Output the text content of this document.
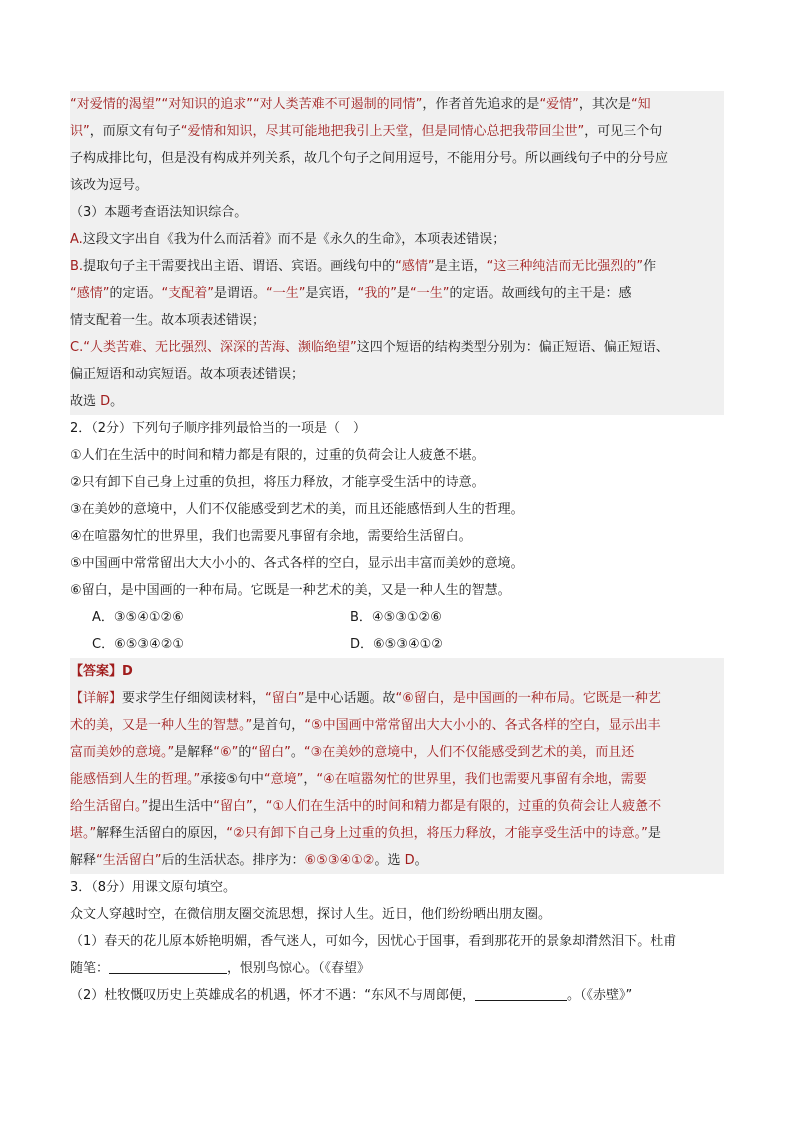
“对爱情的渴望”“对知识的追求”“对人类苦难不可遏制的同情”，作者首先追求的是“爱情”，其次是“知
识”，而原文有句子“爱情和知识，尽其可能地把我引上天堂，但是同情心总把我带回尘世”，可见三个句
子构成排比句，但是没有构成并列关系，故几个句子之间用逗号，不能用分号。所以画线句子中的分号应
该改为逗号。
（3）本题考查语法知识综合。
A.这段文字出自《我为什么而活着》而不是《永久的生命》，本项表述错误；
B.提取句子主干需要找出主语、谓语、宾语。画线句中的“感情”是主语，“这三种纯洁而无比强烈的”作
“感情”的定语。“支配着”是谓语。“一生”是宾语，“我的”是“一生”的定语。故画线句的主干是：感
情支配着一生。故本项表述错误；
C.“人类苦难、无比强烈、深深的苦海、濒临绝望”这四个短语的结构类型分别为：偏正短语、偏正短语、
偏正短语和动宾短语。故本项表述错误；
故选 D。
2．（2分）下列句子顺序排列最恰当的一项是（　）
①人们在生活中的时间和精力都是有限的，过重的负荷会让人疲惫不堪。
②只有卸下自己身上过重的负担，将压力释放，才能享受生活中的诗意。
③在美妙的意境中，人们不仅能感受到艺术的美，而且还能感悟到人生的哲理。
④在喧嚣匆忙的世界里，我们也需要凡事留有余地，需要给生活留白。
⑤中国画中常常留出大大小小的、各式各样的空白，显示出丰富而美妙的意境。
⑥留白，是中国画的一种布局。它既是一种艺术的美，又是一种人生的智慧。
A．③⑤④①②⑥	B．④⑤③①②⑥
C．⑥⑤③④②①	D．⑥⑤③④①②
【答案】D
【详解】要求学生仔细阅读材料，“留白”是中心话题。故“⑥留白，是中国画的一种布局。它既是一种艺
术的美，又是一种人生的智慧。”是首句，“⑤中国画中常常留出大大小小的、各式各样的空白，显示出丰
富而美妙的意境。”是解释“⑥”的“留白”。“③在美妙的意境中，人们不仅能感受到艺术的美，而且还
能感悟到人生的哲理。”承接⑤句中“意境”，“④在喧嚣匆忙的世界里，我们也需要凡事留有余地，需要
给生活留白。”提出生活中“留白”，“①人们在生活中的时间和精力都是有限的，过重的负荷会让人疲惫不
堪。”解释生活留白的原因，“②只有卸下自己身上过重的负担，将压力释放，才能享受生活中的诗意。”是
解释“生活留白”后的生活状态。排序为：⑥⑤③④①②。选 D。
3．（8分）用课文原句填空。
众文人穿越时空，在微信朋友圈交流思想，探讨人生。近日，他们纷纷晒出朋友圈。
（1）春天的花儿原本娇艳明媚，香气迷人，可如今，因忧心于国事，看到那花开的景象却潸然泪下。杜甫
随笔：	，恨别鸟惊心。（《春望》
（2）杜牧慨叹历史上英雄成名的机遇，怀才不遇：“东风不与周郎便，	。（《赤壁》”
